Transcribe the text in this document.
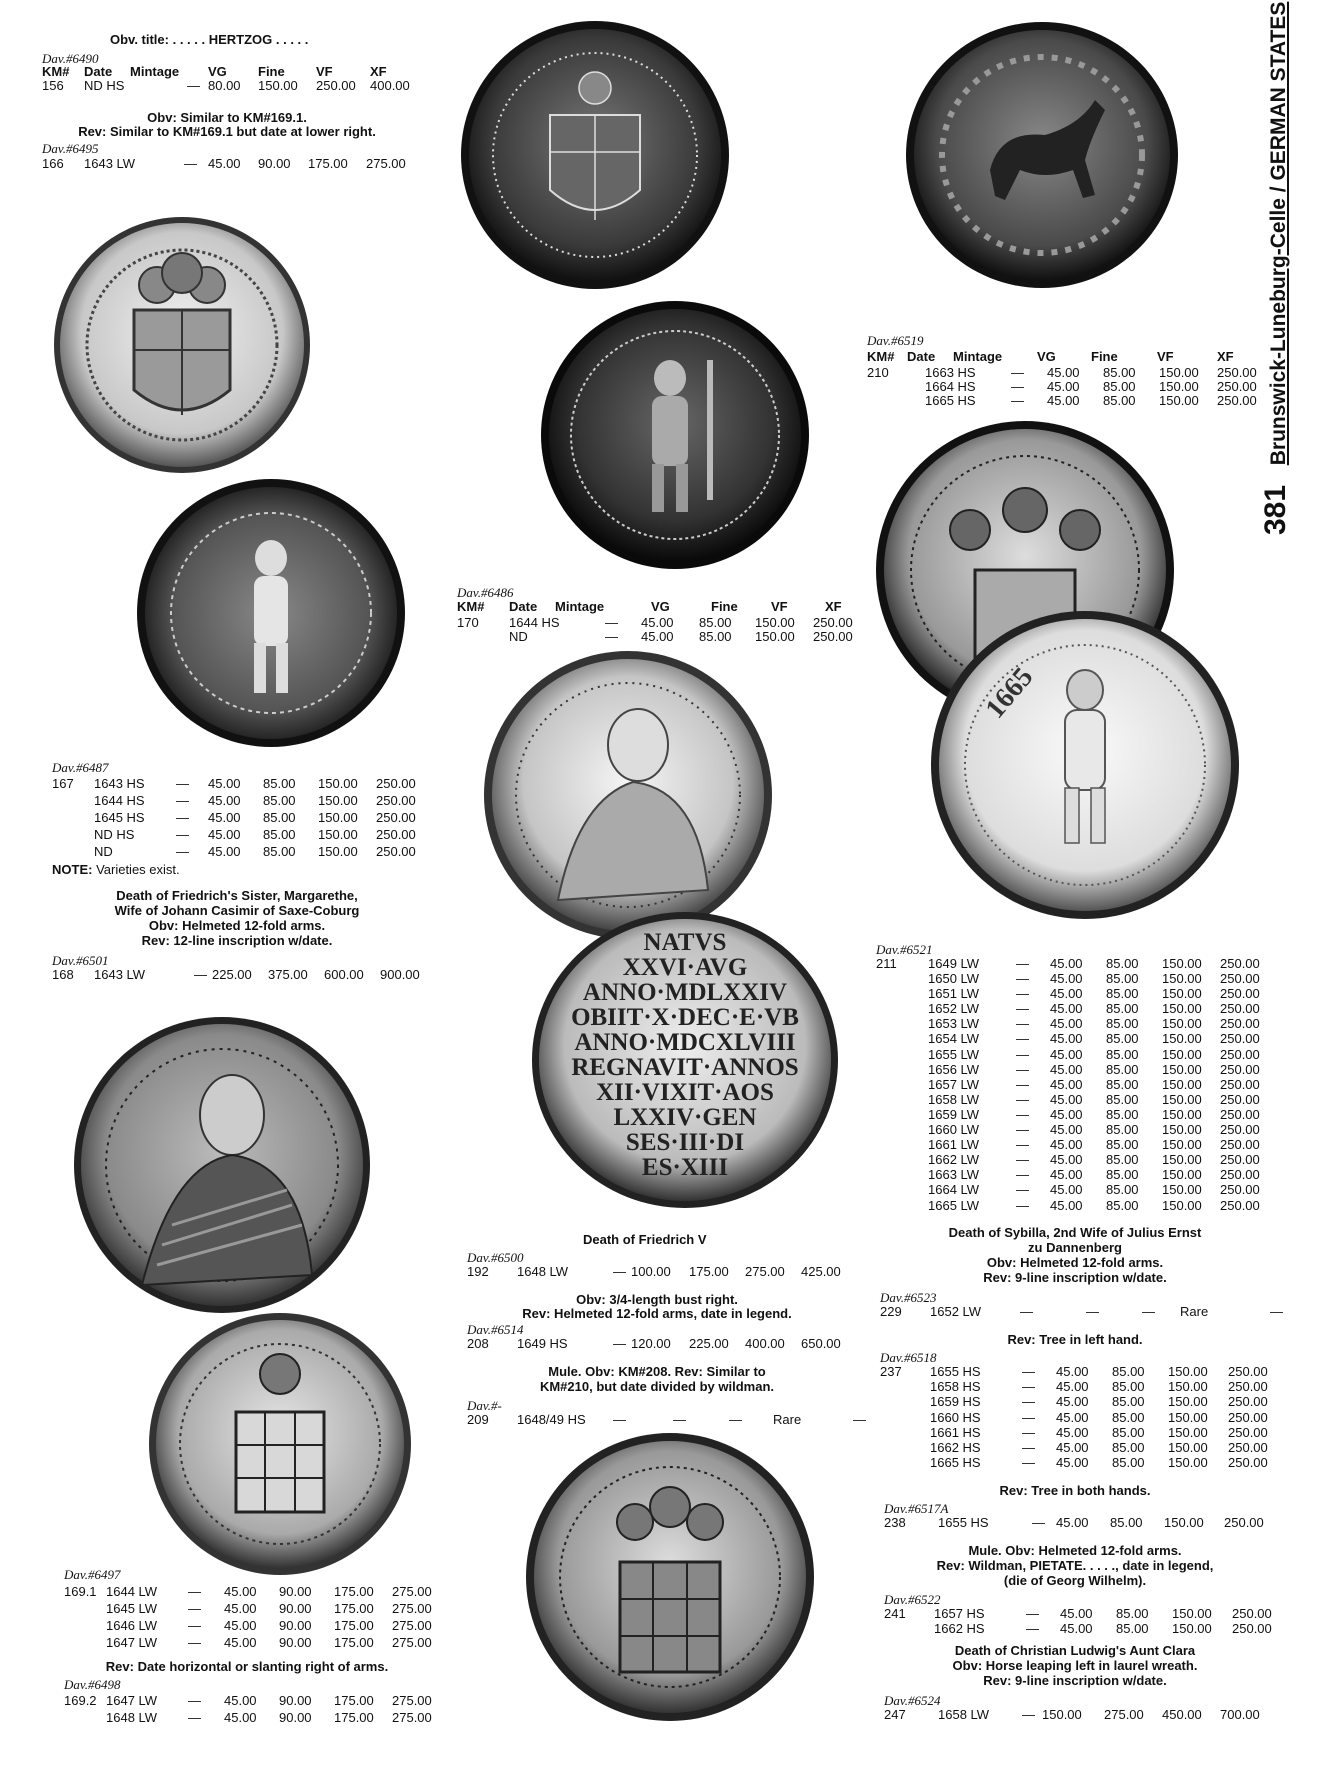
381  Brunswick-Luneburg-Celle / GERMAN STATES
Obv. title: . . . . . HERTZOG . . . . .
Dav.#6490
KM#	Date	Mintage	VG	Fine	VF	XF
156	ND HS	—	80.00	150.00	250.00	400.00
Obv: Similar to KM#169.1.
Rev: Similar to KM#169.1 but date at lower right.
Dav.#6495
166	1643 LW	—	45.00	90.00	175.00	275.00
Dav.#6487
167	1643 HS	—	45.00	85.00	150.00	250.00
	1644 HS	—	45.00	85.00	150.00	250.00
	1645 HS	—	45.00	85.00	150.00	250.00
	ND HS	—	45.00	85.00	150.00	250.00
	ND	—	45.00	85.00	150.00	250.00
NOTE: Varieties exist.
Death of Friedrich's Sister, Margarethe,
Wife of Johann Casimir of Saxe-Coburg
Obv: Helmeted 12-fold arms.
Rev: 12-line inscription w/date.
Dav.#6501
168	1643 LW	—	225.00	375.00	600.00	900.00
Dav.#6497
169.1	1644 LW	—	45.00	90.00	175.00	275.00
	1645 LW	—	45.00	90.00	175.00	275.00
	1646 LW	—	45.00	90.00	175.00	275.00
	1647 LW	—	45.00	90.00	175.00	275.00
Rev: Date horizontal or slanting right of arms.
Dav.#6498
169.2	1647 LW	—	45.00	90.00	175.00	275.00
	1648 LW	—	45.00	90.00	175.00	275.00
Dav.#6486
KM#	Date	Mintage	VG	Fine	VF	XF
170	1644 HS	—	45.00	85.00	150.00	250.00
	ND	—	45.00	85.00	150.00	250.00
Death of Friedrich V
Dav.#6500
192	1648 LW	—	100.00	175.00	275.00	425.00
Obv: 3/4-length bust right.
Rev: Helmeted 12-fold arms, date in legend.
Dav.#6514
208	1649 HS	—	120.00	225.00	400.00	650.00
Mule. Obv: KM#208. Rev: Similar to
KM#210, but date divided by wildman.
Dav.#-
209	1648/49 HS	—	—	—	Rare	—
Dav.#6519
KM#	Date	Mintage	VG	Fine	VF	XF
210	1663 HS	—	45.00	85.00	150.00	250.00
	1664 HS	—	45.00	85.00	150.00	250.00
	1665 HS	—	45.00	85.00	150.00	250.00
Dav.#6521
211	1649 LW	—	45.00	85.00	150.00	250.00
	1650 LW	—	45.00	85.00	150.00	250.00
	1651 LW	—	45.00	85.00	150.00	250.00
	1652 LW	—	45.00	85.00	150.00	250.00
	1653 LW	—	45.00	85.00	150.00	250.00
	1654 LW	—	45.00	85.00	150.00	250.00
	1655 LW	—	45.00	85.00	150.00	250.00
	1656 LW	—	45.00	85.00	150.00	250.00
	1657 LW	—	45.00	85.00	150.00	250.00
	1658 LW	—	45.00	85.00	150.00	250.00
	1659 LW	—	45.00	85.00	150.00	250.00
	1660 LW	—	45.00	85.00	150.00	250.00
	1661 LW	—	45.00	85.00	150.00	250.00
	1662 LW	—	45.00	85.00	150.00	250.00
	1663 LW	—	45.00	85.00	150.00	250.00
	1664 LW	—	45.00	85.00	150.00	250.00
	1665 LW	—	45.00	85.00	150.00	250.00
Death of Sybilla, 2nd Wife of Julius Ernst
zu Dannenberg
Obv: Helmeted 12-fold arms.
Rev: 9-line inscription w/date.
Dav.#6523
229	1652 LW	—	—	—	Rare	—
Rev: Tree in left hand.
Dav.#6518
237	1655 HS	—	45.00	85.00	150.00	250.00
	1658 HS	—	45.00	85.00	150.00	250.00
	1659 HS	—	45.00	85.00	150.00	250.00
	1660 HS	—	45.00	85.00	150.00	250.00
	1661 HS	—	45.00	85.00	150.00	250.00
	1662 HS	—	45.00	85.00	150.00	250.00
	1665 HS	—	45.00	85.00	150.00	250.00
Rev: Tree in both hands.
Dav.#6517A
238	1655 HS	—	45.00	85.00	150.00	250.00
Mule. Obv: Helmeted 12-fold arms.
Rev: Wildman, PIETATE. . . . ., date in legend,
(die of Georg Wilhelm).
Dav.#6522
241	1657 HS	—	45.00	85.00	150.00	250.00
	1662 HS	—	45.00	85.00	150.00	250.00
Death of Christian Ludwig's Aunt Clara
Obv: Horse leaping left in laurel wreath.
Rev: 9-line inscription w/date.
Dav.#6524
247	1658 LW	—	150.00	275.00	450.00	700.00
NATVS
XXVI·AVG
ANNO·MDLXXIV
OBIIT·X·DEC·E·VB
ANNO·MDCXLVIII
REGNAVIT·ANNOS
XII·VIXIT·AOS
LXXIV·GEN
SES·III·DI
ES·XIII
1665
